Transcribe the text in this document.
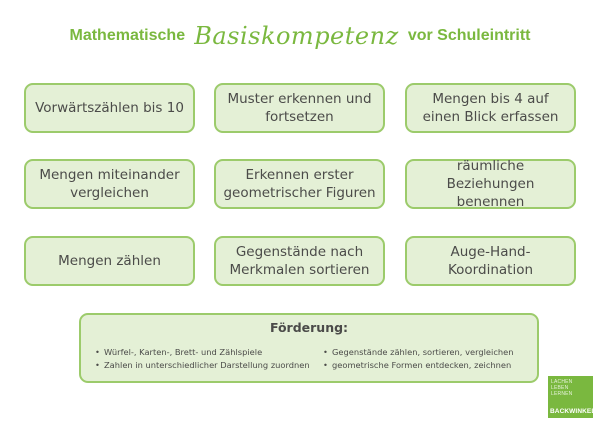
Mathematische Basiskompetenz vor Schuleintritt
Vorwärtszählen bis 10
Muster erkennen und
fortsetzen
Mengen bis 4 auf
einen Blick erfassen
Mengen miteinander
vergleichen
Erkennen erster
geometrischer Figuren
räumliche Beziehungen
benennen
Mengen zählen
Gegenstände nach
Merkmalen sortieren
Auge-Hand-Koordination
Förderung:
• Würfel-, Karten-, Brett- und Zählspiele
• Zahlen in unterschiedlicher Darstellung zuordnen
• Gegenstände zählen, sortieren, vergleichen
• geometrische Formen entdecken, zeichnen
LACHEN
LEBEN
LERNEN
BACKWINKEL
